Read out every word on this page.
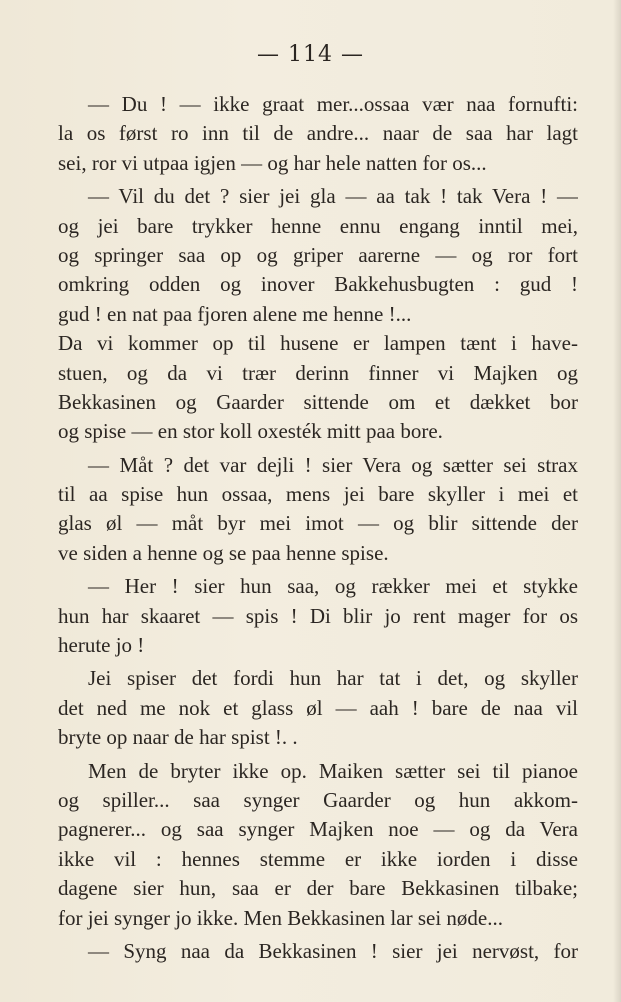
— 114 —
— Du ! — ikke graat mer...ossaa vær naa fornufti:
la os først ro inn til de andre... naar de saa har lagt
sei, ror vi utpaa igjen — og har hele natten for os...
— Vil du det ? sier jei gla — aa tak ! tak Vera ! —
og jei bare trykker henne ennu engang inntil mei,
og springer saa op og griper aarerne — og ror fort
omkring odden og inover Bakkehusbugten : gud !
gud ! en nat paa fjoren alene me henne !...
Da vi kommer op til husene er lampen tænt i have-
stuen, og da vi trær derinn finner vi Majken og
Bekkasinen og Gaarder sittende om et dækket bor
og spise — en stor koll oxesték mitt paa bore.
— Måt ? det var dejli ! sier Vera og sætter sei strax
til aa spise hun ossaa, mens jei bare skyller i mei et
glas øl — måt byr mei imot — og blir sittende der
ve siden a henne og se paa henne spise.
— Her ! sier hun saa, og rækker mei et stykke
hun har skaaret — spis ! Di blir jo rent mager for os
herute jo !
Jei spiser det fordi hun har tat i det, og skyller
det ned me nok et glass øl — aah ! bare de naa vil
bryte op naar de har spist !. .
Men de bryter ikke op. Maiken sætter sei til pianoe
og spiller... saa synger Gaarder og hun akkom-
pagnerer... og saa synger Majken noe — og da Vera
ikke vil : hennes stemme er ikke iorden i disse
dagene sier hun, saa er der bare Bekkasinen tilbake;
for jei synger jo ikke. Men Bekkasinen lar sei nøde...
— Syng naa da Bekkasinen ! sier jei nervøst, for
